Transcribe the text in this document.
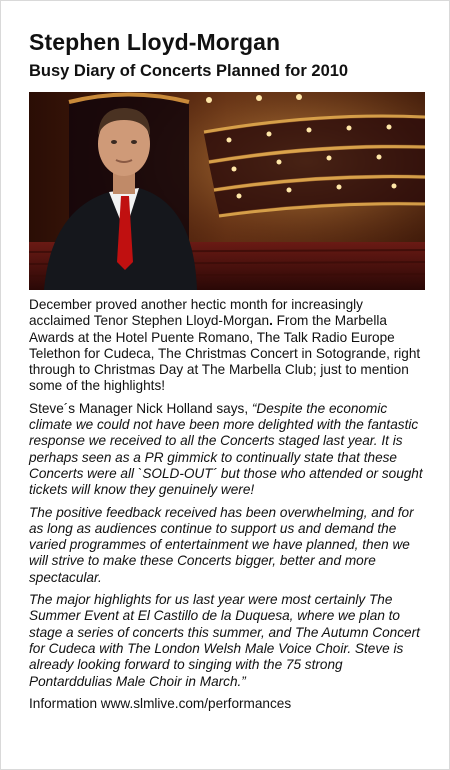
Stephen Lloyd-Morgan
Busy Diary of Concerts Planned for 2010

December proved another hectic month for increasingly acclaimed Tenor Stephen Lloyd-Morgan. From the Marbella Awards at the Hotel Puente Romano, The Talk Radio Europe Telethon for Cudeca, The Christmas Concert in Sotogrande, right through to Christmas Day at The Marbella Club; just to mention some of the highlights!

Steve´s Manager Nick Holland says, “Despite the economic climate we could not have been more delighted with the fantastic response we received to all the Concerts staged last year. It is perhaps seen as a PR gimmick to continually state that these Concerts were all `SOLD-OUT´ but those who attended or sought tickets will know they genuinely were!

The positive feedback received has been overwhelming, and for as long as audiences continue to support us and demand the varied programmes of entertainment we have planned, then we will strive to make these Concerts bigger, better and more spectacular.

The major highlights for us last year were most certainly The Summer Event at El Castillo de la Duquesa, where we plan to stage a series of concerts this summer, and The Autumn Concert for Cudeca with The London Welsh Male Voice Choir. Steve is already looking forward to singing with the 75 strong Pontarddulias Male Choir in March.”

Information www.slmlive.com/performances
